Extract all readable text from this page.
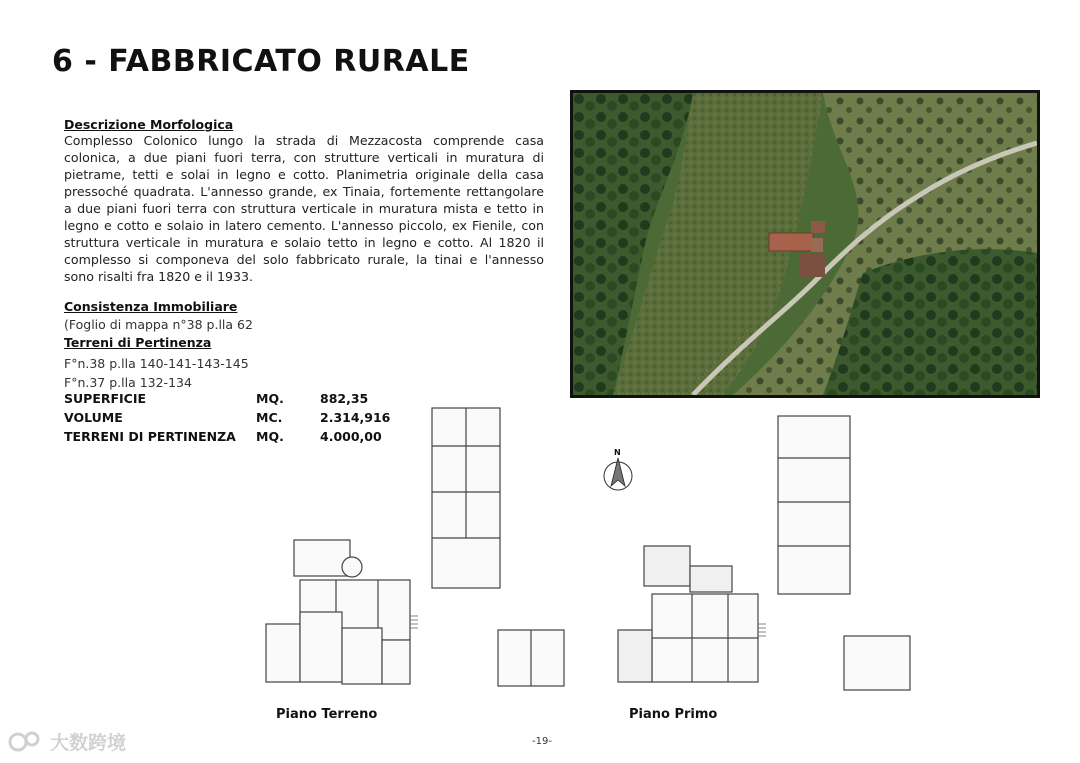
6 - FABBRICATO RURALE
Descrizione Morfologica
Complesso Colonico lungo la strada di Mezzacosta comprende casa colonica, a due piani fuori terra, con strutture verticali in muratura di pietrame, tetti e solai in legno e cotto. Planimetria originale della casa pressoché quadrata. L'annesso grande, ex Tinaia, fortemente rettangolare a due piani fuori terra con struttura verticale in muratura mista e tetto in legno e cotto e solaio in latero cemento. L'annesso piccolo, ex Fienile, con struttura verticale in muratura e solaio tetto in legno e cotto. Al 1820 il complesso si componeva del solo fabbricato rurale, la tinai e l'annesso sono risalti fra 1820 e il 1933.
Consistenza Immobiliare
(Foglio di mappa n°38 p.lla 62
Terreni di Pertinenza
F°n.38 p.lla 140-141-143-145
F°n.37 p.lla 132-134
SUPERFICIE	MQ.	882,35
VOLUME	MC.	2.314,916
TERRENI DI PERTINENZA MQ.	4.000,00
N
Piano Terreno	Piano Primo
-19-
大数跨境
